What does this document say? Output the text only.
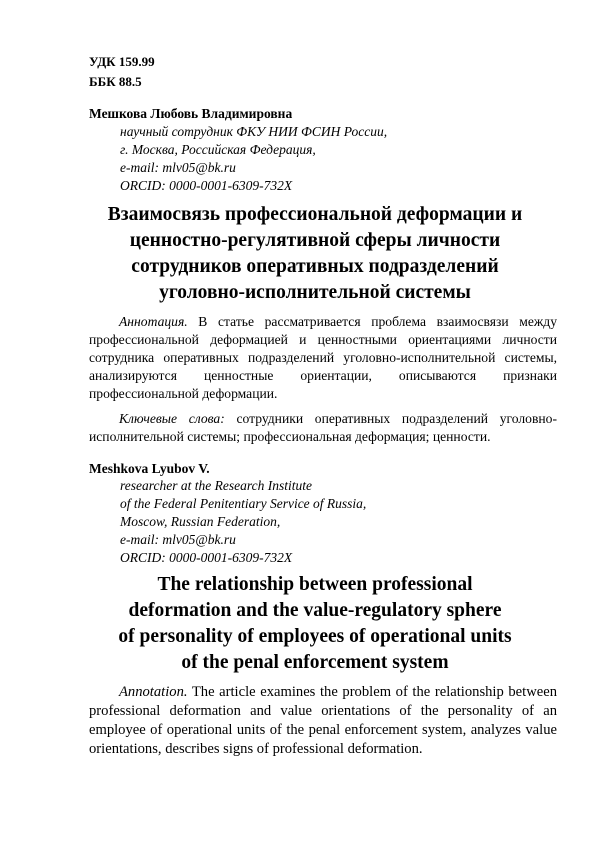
УДК 159.99
ББК 88.5
Мешкова Любовь Владимировна
научный сотрудник ФКУ НИИ ФСИН России,
г. Москва, Российская Федерация,
e-mail: mlv05@bk.ru
ORCID: 0000-0001-6309-732X
Взаимосвязь профессиональной деформации и
ценностно-регулятивной сферы личности
сотрудников оперативных подразделений
уголовно-исполнительной системы
Аннотация. В статье рассматривается проблема взаимосвязи между профессиональной деформацией и ценностными ориентациями личности сотрудника оперативных подразделений уголовно-исполнительной системы, анализируются ценностные ориентации, описываются признаки профессиональной деформации.
Ключевые слова: сотрудники оперативных подразделений уголовно-исполнительной системы; профессиональная деформация; ценности.
Meshkova Lyubov V.
researcher at the Research Institute
of the Federal Penitentiary Service of Russia,
Moscow, Russian Federation,
e-mail: mlv05@bk.ru
ORCID: 0000-0001-6309-732X
The relationship between professional
deformation and the value-regulatory sphere
of personality of employees of operational units
of the penal enforcement system
Annotation. The article examines the problem of the relationship between professional deformation and value orientations of the personality of an employee of operational units of the penal enforcement system, analyzes value orientations, describes signs of professional deformation.
